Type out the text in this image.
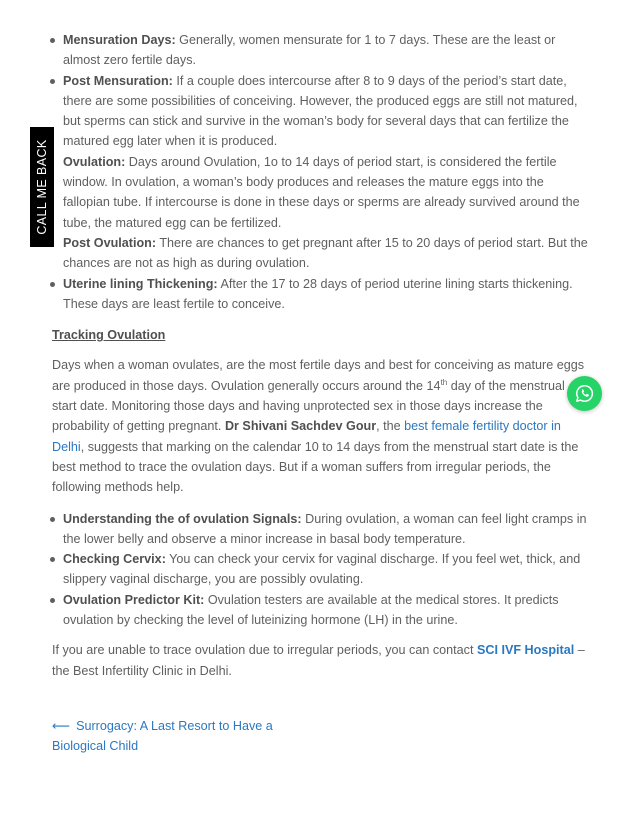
Mensuration Days: Generally, women mensurate for 1 to 7 days. These are the least or almost zero fertile days.
Post Mensuration: If a couple does intercourse after 8 to 9 days of the period’s start date, there are some possibilities of conceiving. However, the produced eggs are still not matured, but sperms can stick and survive in the woman’s body for several days that can fertilize the matured egg later when it is produced.
Ovulation: Days around Ovulation, 1o to 14 days of period start, is considered the fertile window. In ovulation, a woman’s body produces and releases the mature eggs into the fallopian tube. If intercourse is done in these days or sperms are already survived around the tube, the matured egg can be fertilized.
Post Ovulation: There are chances to get pregnant after 15 to 20 days of period start. But the chances are not as high as during ovulation.
Uterine lining Thickening: After the 17 to 28 days of period uterine lining starts thickening. These days are least fertile to conceive.
Tracking Ovulation

Days when a woman ovulates, are the most fertile days and best for conceiving as mature eggs are produced in those days. Ovulation generally occurs around the 14th day of the menstrual start date. Monitoring those days and having unprotected sex in those days increase the probability of getting pregnant. Dr Shivani Sachdev Gour, the best female fertility doctor in Delhi, suggests that marking on the calendar 10 to 14 days from the menstrual start date is the best method to trace the ovulation days. But if a woman suffers from irregular periods, the following methods help.

Understanding the of ovulation Signals: During ovulation, a woman can feel light cramps in the lower belly and observe a minor increase in basal body temperature.
Checking Cervix: You can check your cervix for vaginal discharge. If you feel wet, thick, and slippery vaginal discharge, you are possibly ovulating.
Ovulation Predictor Kit: Ovulation testers are available at the medical stores. It predicts ovulation by checking the level of luteinizing hormone (LH) in the urine.

If you are unable to trace ovulation due to irregular periods, you can contact SCI IVF Hospital – the Best Infertility Clinic in Delhi.

CALL ME BACK
⟵ Surrogacy: A Last Resort to Have a Biological Child
